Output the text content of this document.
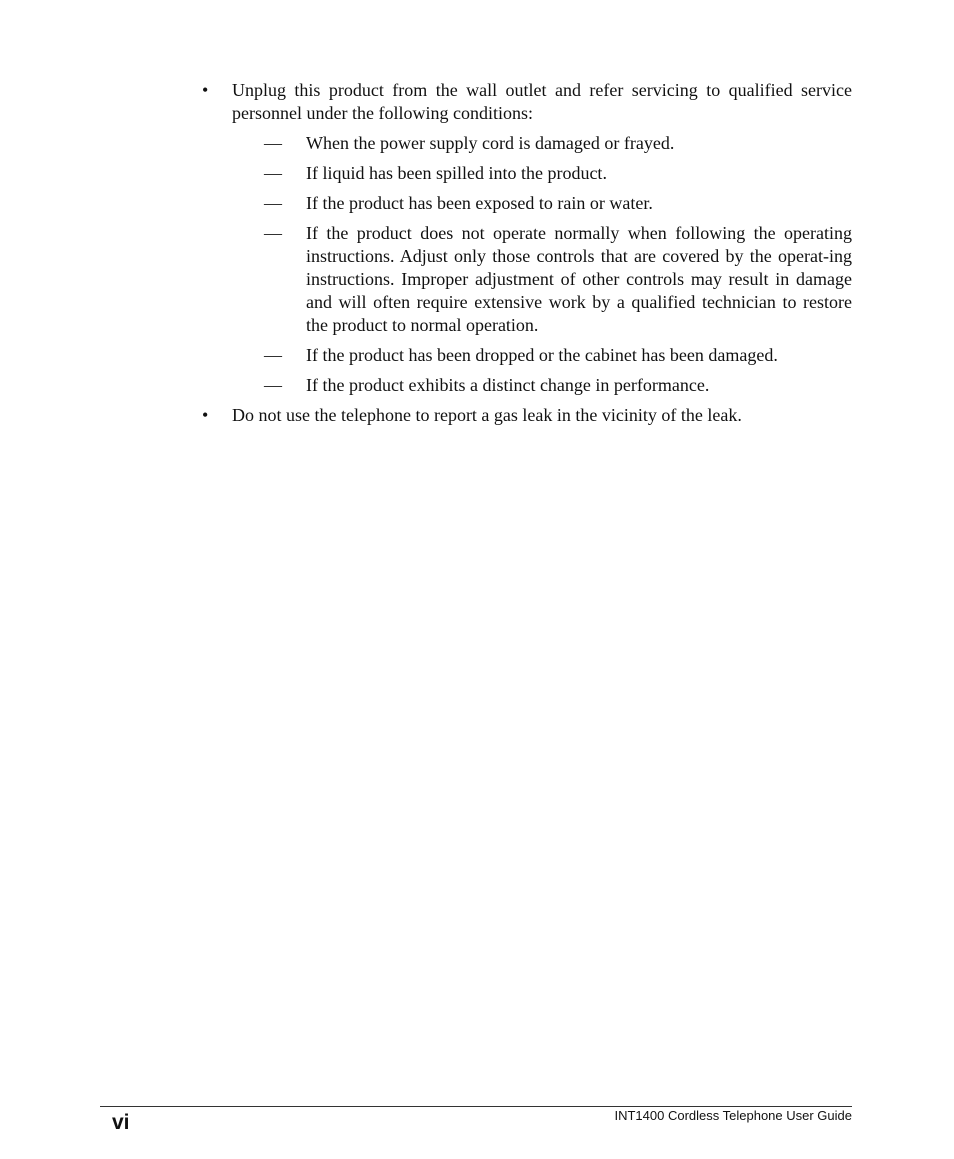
•	Unplug this product from the wall outlet and refer servicing to qualified service personnel under the following conditions:
— When the power supply cord is damaged or frayed.
— If liquid has been spilled into the product.
— If the product has been exposed to rain or water.
— If the product does not operate normally when following the operating instructions. Adjust only those controls that are covered by the operat-ing instructions. Improper adjustment of other controls may result in damage and will often require extensive work by a qualified technician to restore the product to normal operation.
— If the product has been dropped or the cabinet has been damaged.
— If the product exhibits a distinct change in performance.
•	Do not use the telephone to report a gas leak in the vicinity of the leak.
vi	INT1400 Cordless Telephone User Guide
